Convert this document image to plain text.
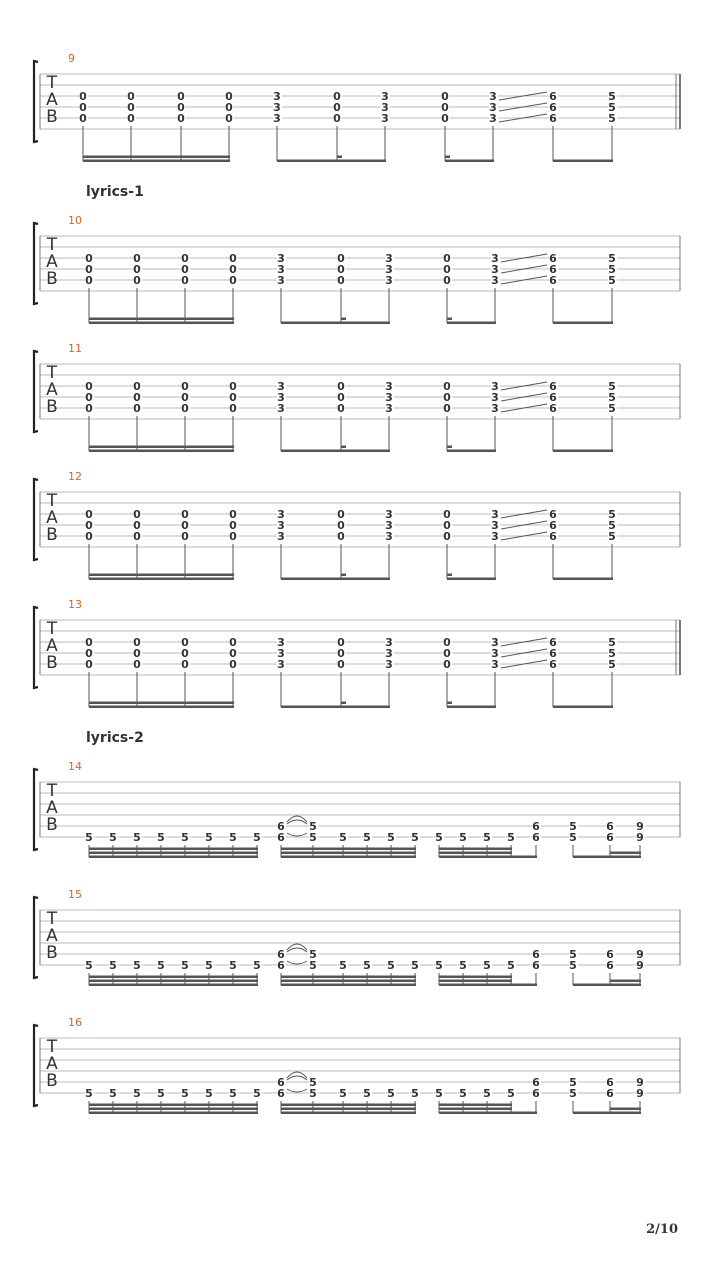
lyrics-1
lyrics-2
T
A
B
9
0
0
0
0
0
0
0
0
0
0
0
0
3
3
3
0
0
0
3
3
3
0
0
0
3
3
3
6
6
6
5
5
5
T
A
B
10
0
0
0
0
0
0
0
0
0
0
0
0
3
3
3
0
0
0
3
3
3
0
0
0
3
3
3
6
6
6
5
5
5
T
A
B
11
0
0
0
0
0
0
0
0
0
0
0
0
3
3
3
0
0
0
3
3
3
0
0
0
3
3
3
6
6
6
5
5
5
T
A
B
12
0
0
0
0
0
0
0
0
0
0
0
0
3
3
3
0
0
0
3
3
3
0
0
0
3
3
3
6
6
6
5
5
5
T
A
B
13
0
0
0
0
0
0
0
0
0
0
0
0
3
3
3
0
0
0
3
3
3
0
0
0
3
3
3
6
6
6
5
5
5
T
A
B
14
5 5 5 5 5 5 5 5
6
6
5
5 5 5 5 5 5 5 5 5
6
6
5
5
6
6
9
9
T
A
B
15
5 5 5 5 5 5 5 5
6
6
5
5 5 5 5 5 5 5 5 5
6
6
5
5
6
6
9
9
T
A
B
16
5 5 5 5 5 5 5 5
6
6
5
5 5 5 5 5 5 5 5 5
6
6
5
5
6
6
9
9
2/10
